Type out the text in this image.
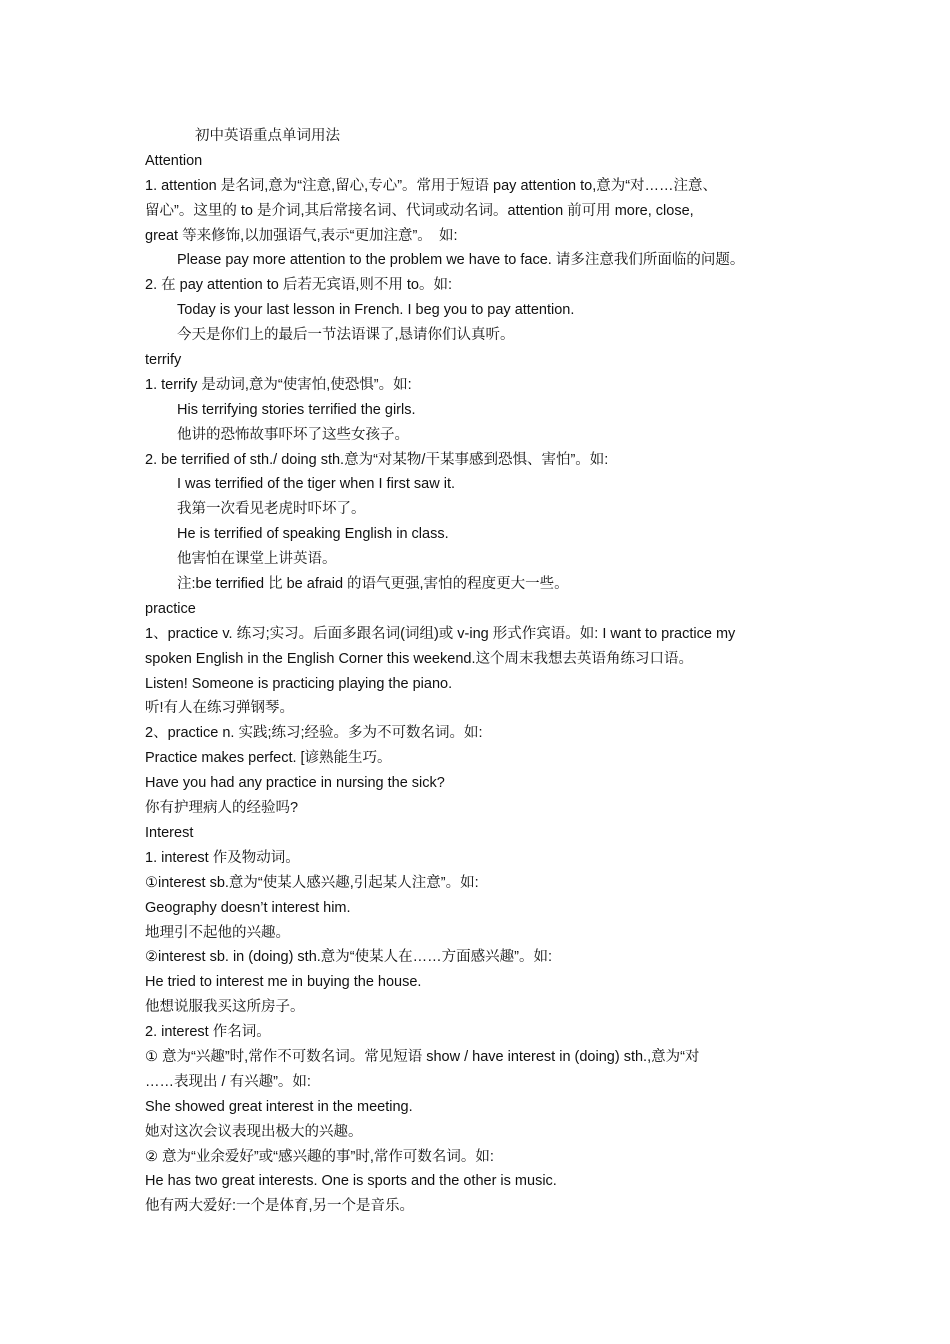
初中英语重点单词用法
Attention
1. attention 是名词,意为“注意,留心,专心”。常用于短语 pay attention to,意为“对……注意、
留心”。这里的 to 是介词,其后常接名词、代词或动名词。attention 前可用 more, close,
great 等来修饰,以加强语气,表示“更加注意”。　如:
Please pay more attention to the problem we have to face. 请多注意我们所面临的问题。
2. 在 pay attention to 后若无宾语,则不用 to。如:
Today is your last lesson in French. I beg you to pay attention.
今天是你们上的最后一节法语课了,恳请你们认真听。
terrify
1. terrify 是动词,意为“使害怕,使恐惧”。如:
His terrifying stories terrified the girls.
他讲的恐怖故事吓坏了这些女孩子。
2. be terrified of sth./ doing sth.意为“对某物/干某事感到恐惧、害怕”。如:
I was terrified of the tiger when I first saw it.
我第一次看见老虎时吓坏了。
He is terrified of speaking English in class.
他害怕在课堂上讲英语。
注:be terrified 比 be afraid 的语气更强,害怕的程度更大一些。
practice
1、practice v. 练习;实习。后面多跟名词(词组)或 v-ing 形式作宾语。如: I want to practice my
spoken English in the English Corner this weekend.这个周末我想去英语角练习口语。
Listen! Someone is practicing playing the piano.
听!有人在练习弹钢琴。
2、practice n. 实践;练习;经验。多为不可数名词。如:
Practice makes perfect. [谚熟能生巧。
Have you had any practice in nursing the sick?
你有护理病人的经验吗?
Interest
1. interest 作及物动词。
①interest sb.意为“使某人感兴趣,引起某人注意”。如:
Geography doesn’t interest him.
地理引不起他的兴趣。
②interest sb. in (doing) sth.意为“使某人在……方面感兴趣”。如:
He tried to interest me in buying the house.
他想说服我买这所房子。
2. interest 作名词。
① 意为“兴趣”时,常作不可数名词。常见短语 show / have interest in (doing) sth.,意为“对
……表现出 / 有兴趣”。如:
She showed great interest in the meeting.
她对这次会议表现出极大的兴趣。
② 意为“业余爱好”或“感兴趣的事”时,常作可数名词。如:
He has two great interests. One is sports and the other is music.
他有两大爱好:一个是体育,另一个是音乐。
